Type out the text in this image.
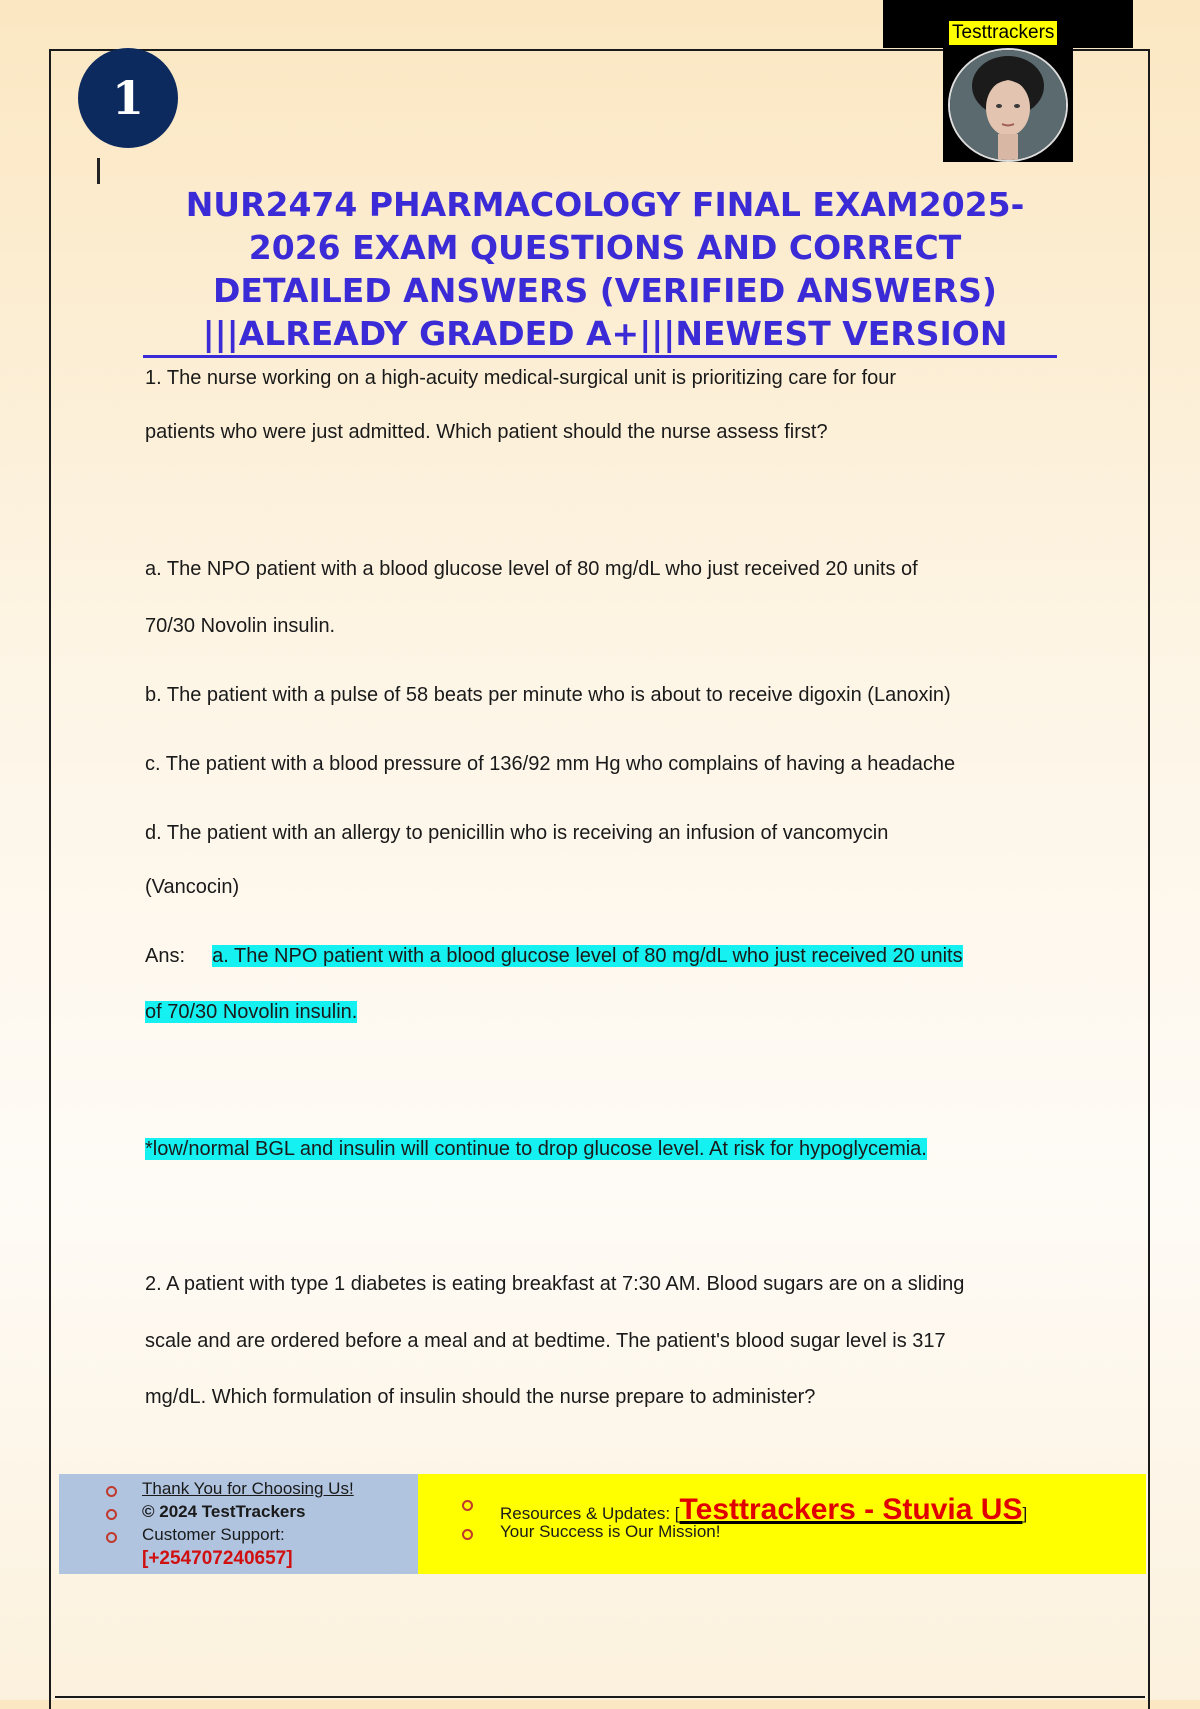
Testtrackers
1
NUR2474 PHARMACOLOGY FINAL EXAM2025-
2026 EXAM QUESTIONS AND CORRECT
DETAILED ANSWERS (VERIFIED ANSWERS)
|||ALREADY GRADED A+|||NEWEST VERSION
1. The nurse working on a high-acuity medical-surgical unit is prioritizing care for four
patients who were just admitted. Which patient should the nurse assess first?
a. The NPO patient with a blood glucose level of 80 mg/dL who just received 20 units of
70/30 Novolin insulin.
b. The patient with a pulse of 58 beats per minute who is about to receive digoxin (Lanoxin)
c. The patient with a blood pressure of 136/92 mm Hg who complains of having a headache
d. The patient with an allergy to penicillin who is receiving an infusion of vancomycin
(Vancocin)
Ans: a. The NPO patient with a blood glucose level of 80 mg/dL who just received 20 units
of 70/30 Novolin insulin.
*low/normal BGL and insulin will continue to drop glucose level. At risk for hypoglycemia.
2. A patient with type 1 diabetes is eating breakfast at 7:30 AM. Blood sugars are on a sliding
scale and are ordered before a meal and at bedtime. The patient's blood sugar level is 317
mg/dL. Which formulation of insulin should the nurse prepare to administer?
Thank You for Choosing Us!
© 2024 TestTrackers
Customer Support:
[+254707240657]
Resources & Updates: [Testtrackers - Stuvia US]
Your Success is Our Mission!
